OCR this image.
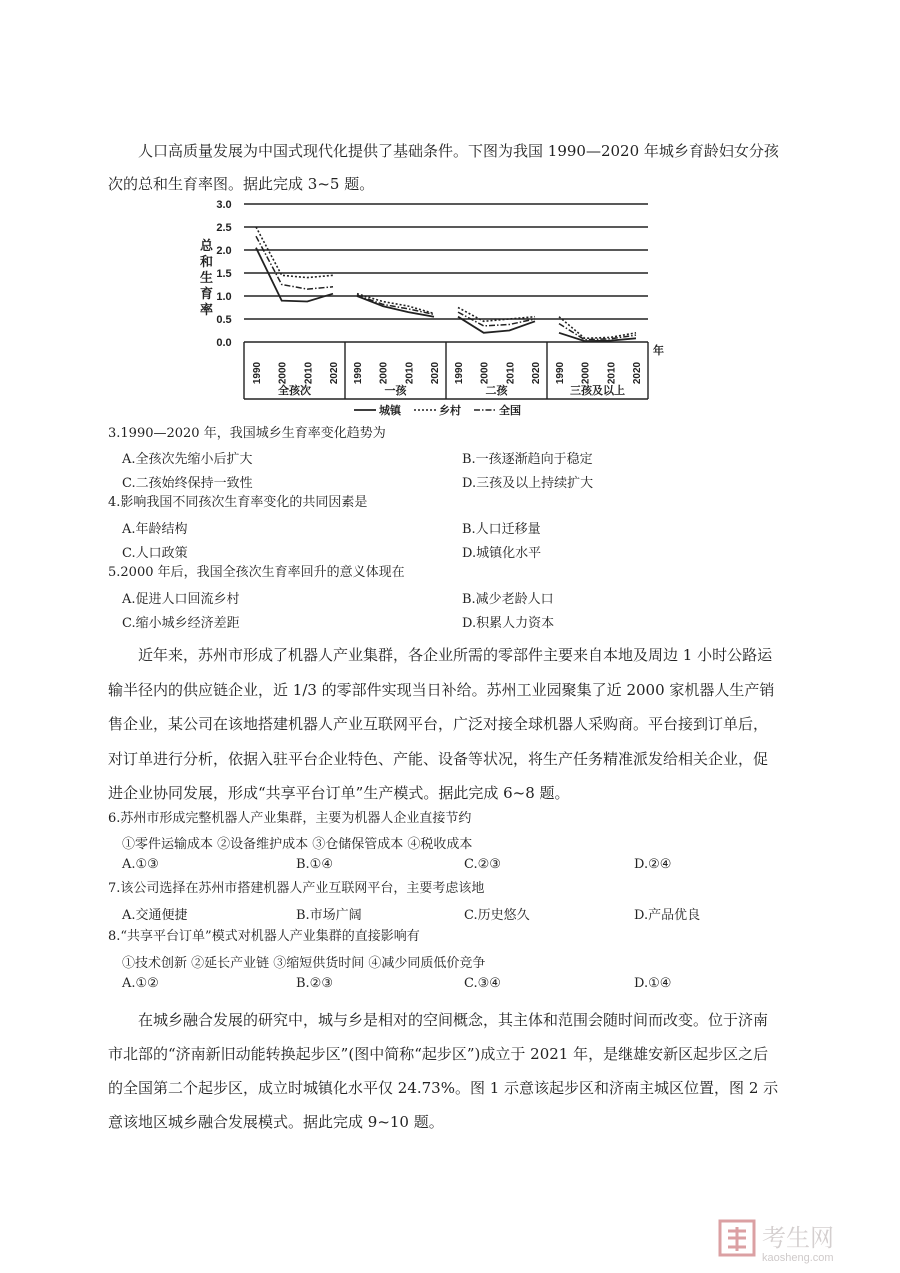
人口高质量发展为中国式现代化提供了基础条件。下图为我国 1990—2020 年城乡育龄妇女分孩次的总和生育率图。据此完成 3~5 题。

总
和
生
育
率
3.0
2.5
2.0
1.5
1.0
0.5
0.0
1990 2000 2010 2020
全孩次
1990 2000 2010 2020
一孩
1990 2000 2010 2020
二孩
1990 2000 2010 2020
三孩及以上
年
城镇	乡村	全国
3.1990—2020 年，我国城乡生育率变化趋势为
A.全孩次先缩小后扩大	B.一孩逐渐趋向于稳定
C.二孩始终保持一致性	D.三孩及以上持续扩大
4.影响我国不同孩次生育率变化的共同因素是
A.年龄结构	B.人口迁移量
C.人口政策	D.城镇化水平
5.2000 年后，我国全孩次生育率回升的意义体现在
A.促进人口回流乡村	B.减少老龄人口
C.缩小城乡经济差距	D.积累人力资本

近年来，苏州市形成了机器人产业集群，各企业所需的零部件主要来自本地及周边 1 小时公路运输半径内的供应链企业，近 1/3 的零部件实现当日补给。苏州工业园聚集了近 2000 家机器人生产销售企业，某公司在该地搭建机器人产业互联网平台，广泛对接全球机器人采购商。平台接到订单后，对订单进行分析，依据入驻平台企业特色、产能、设备等状况，将生产任务精准派发给相关企业，促进企业协同发展，形成“共享平台订单”生产模式。据此完成 6~8 题。

6.苏州市形成完整机器人产业集群，主要为机器人企业直接节约
①零件运输成本 ②设备维护成本 ③仓储保管成本 ④税收成本
A.①③	B.①④	C.②③	D.②④
7.该公司选择在苏州市搭建机器人产业互联网平台，主要考虑该地
A.交通便捷	B.市场广阔	C.历史悠久	D.产品优良
8.“共享平台订单”模式对机器人产业集群的直接影响有
①技术创新 ②延长产业链 ③缩短供货时间 ④减少同质低价竞争
A.①②	B.②③	C.③④	D.①④

在城乡融合发展的研究中，城与乡是相对的空间概念，其主体和范围会随时间而改变。位于济南市北部的“济南新旧动能转换起步区”(图中简称“起步区”)成立于 2021 年，是继雄安新区起步区之后的全国第二个起步区，成立时城镇化水平仅 24.73%。图 1 示意该起步区和济南主城区位置，图 2 示意该地区城乡融合发展模式。据此完成 9~10 题。

考生网
kaosheng.com
